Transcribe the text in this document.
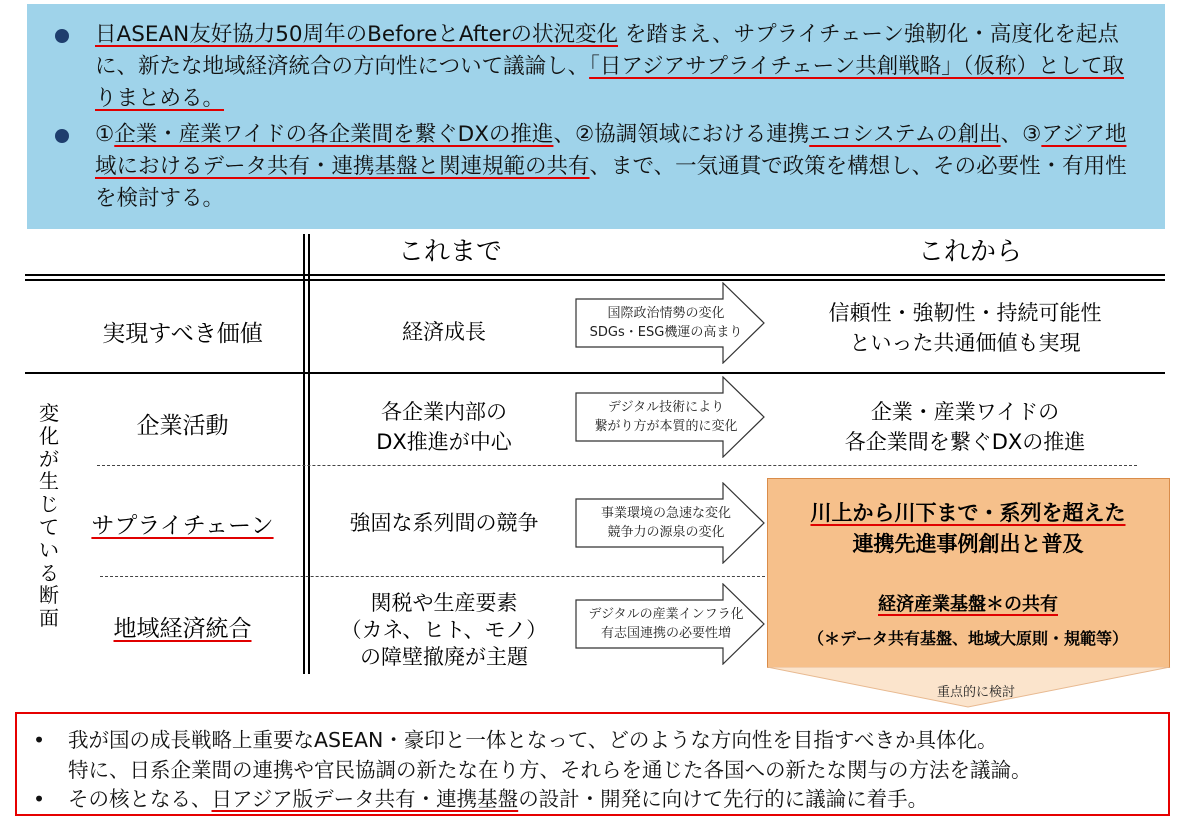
日ASEAN友好協力50周年のBeforeとAfterの状況変化 を踏まえ、サプライチェーン強靭化・高度化を起点に、新たな地域経済統合の方向性について議論し、「日アジアサプライチェーン共創戦略」（仮称）として取りまとめる。
①企業・産業ワイドの各企業間を繋ぐDXの推進、②協調領域における連携エコシステムの創出、③アジア地域におけるデータ共有・連携基盤と関連規範の共有、まで、一気通貫で政策を構想し、その必要性・有用性を検討する。
これまで	これから
変化が生じている断面
実現すべき価値
企業活動
サプライチェーン
地域経済統合
経済成長
各企業内部の
DX推進が中心
強固な系列間の競争
関税や生産要素
（カネ、ヒト、モノ）
の障壁撤廃が主題
国際政治情勢の変化
SDGs・ESG機運の高まり
デジタル技術により
繋がり方が本質的に変化
事業環境の急速な変化
競争力の源泉の変化
デジタルの産業インフラ化
有志国連携の必要性増
信頼性・強靭性・持続可能性
といった共通価値も実現
企業・産業ワイドの
各企業間を繋ぐDXの推進
川上から川下まで・系列を超えた
連携先進事例創出と普及
経済産業基盤＊の共有
（＊データ共有基盤、地域大原則・規範等）
重点的に検討
• 我が国の成長戦略上重要なASEAN・豪印と一体となって、どのような方向性を目指すべきか具体化。
特に、日系企業間の連携や官民協調の新たな在り方、それらを通じた各国への新たな関与の方法を議論。
• その核となる、日アジア版データ共有・連携基盤の設計・開発に向けて先行的に議論に着手。
